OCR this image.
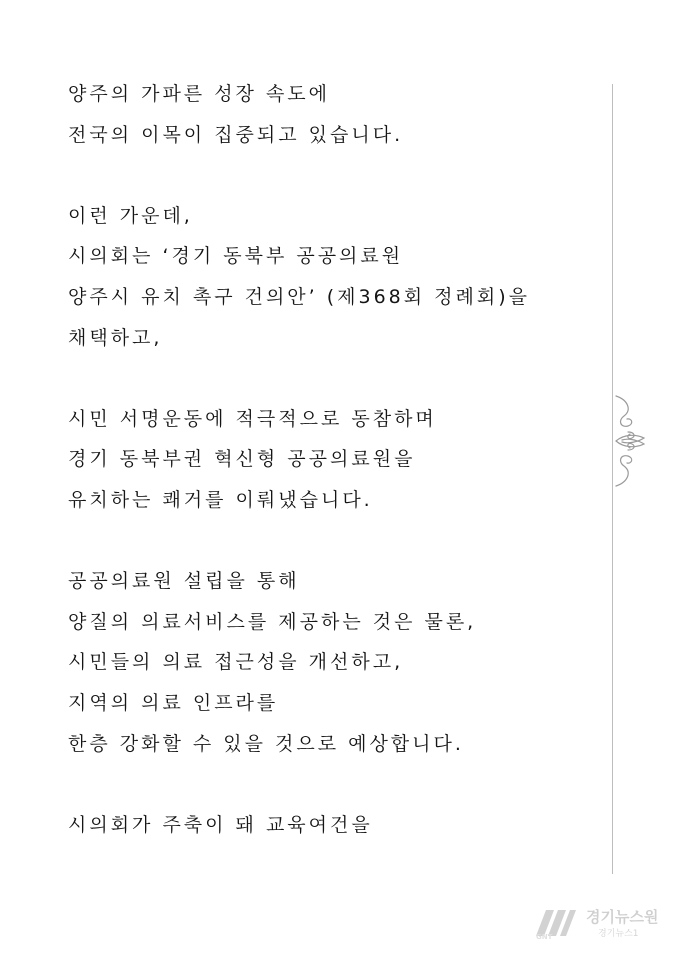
양주의 가파른 성장 속도에
전국의 이목이 집중되고 있습니다.
이런 가운데,
시의회는 ‘경기 동북부 공공의료원
양주시 유치 촉구 건의안’ (제368회 정례회)을
채택하고,
시민 서명운동에 적극적으로 동참하며
경기 동북부권 혁신형 공공의료원을
유치하는 쾌거를 이뤄냈습니다.
공공의료원 설립을 통해
양질의 의료서비스를 제공하는 것은 물론,
시민들의 의료 접근성을 개선하고,
지역의 의료 인프라를
한층 강화할 수 있을 것으로 예상합니다.
시의회가 주축이 돼 교육여건을
GNT
경기뉴스원
경기뉴스1
